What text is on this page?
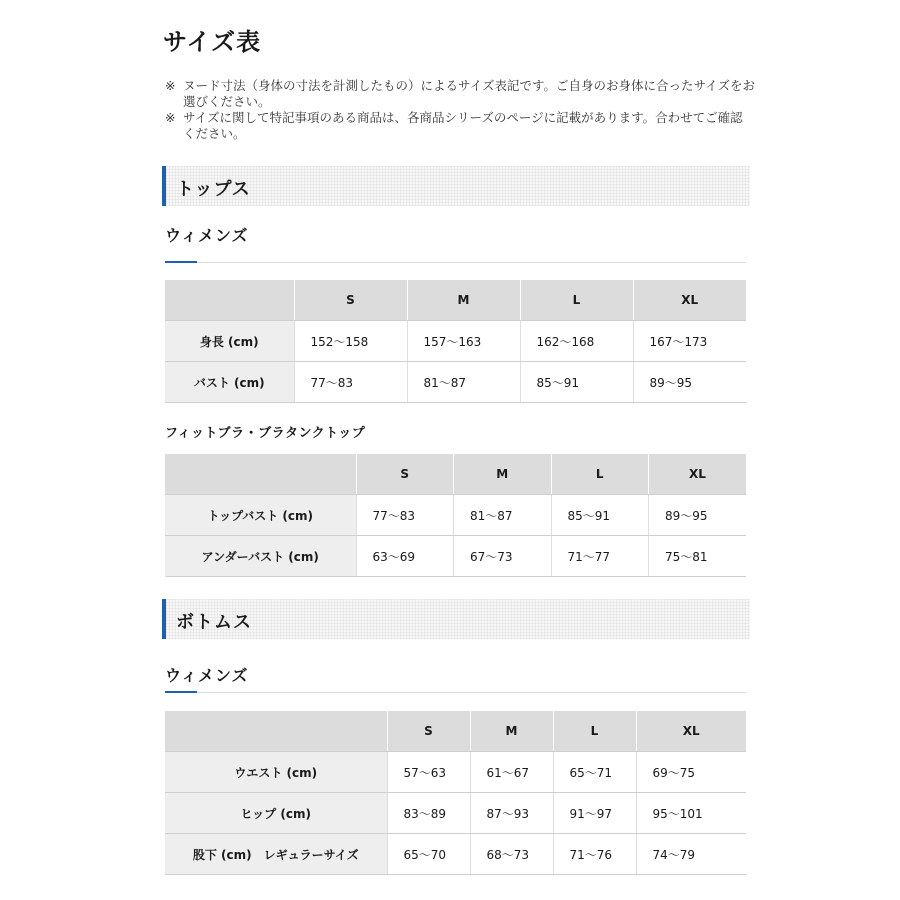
サイズ表

※ ヌード寸法（身体の寸法を計測したもの）によるサイズ表記です。ご自身のお身体に合ったサイズをお選びください。

※ サイズに関して特記事項のある商品は、各商品シリーズのページに記載があります。合わせてご確認ください。

トップス
ウィメンズ
	S	M	L	XL
身長 (cm)	152～158	157～163	162～168	167～173
バスト (cm)	77～83	81～87	85～91	89～95
フィットブラ・ブラタンクトップ
	S	M	L	XL
トップバスト (cm)	77～83	81～87	85～91	89～95
アンダーバスト (cm)	63～69	67～73	71～77	75～81
ボトムス
ウィメンズ
	S	M	L	XL
ウエスト (cm)	57～63	61～67	65～71	69～75
ヒップ (cm)	83～89	87～93	91～97	95～101
股下 (cm)　レギュラーサイズ	65～70	68～73	71～76	74～79
